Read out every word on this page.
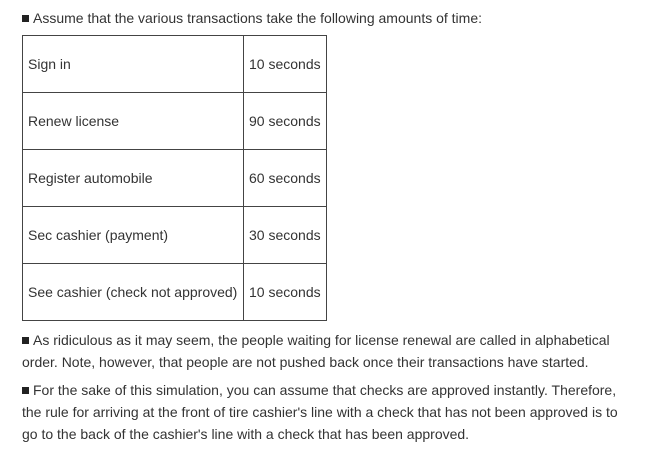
Assume that the various transactions take the following amounts of time:
Sign in	10 seconds
Renew license	90 seconds
Register automobile	60 seconds
Sec cashier (payment)	30 seconds
See cashier (check not approved)	10 seconds
As ridiculous as it may seem, the people waiting for license renewal are called in alphabetical order. Note, however, that people are not pushed back once their transactions have started.
For the sake of this simulation, you can assume that checks are approved instantly. Therefore, the rule for arriving at the front of tire cashier's line with a check that has not been approved is to go to the back of the cashier's line with a check that has been approved.
